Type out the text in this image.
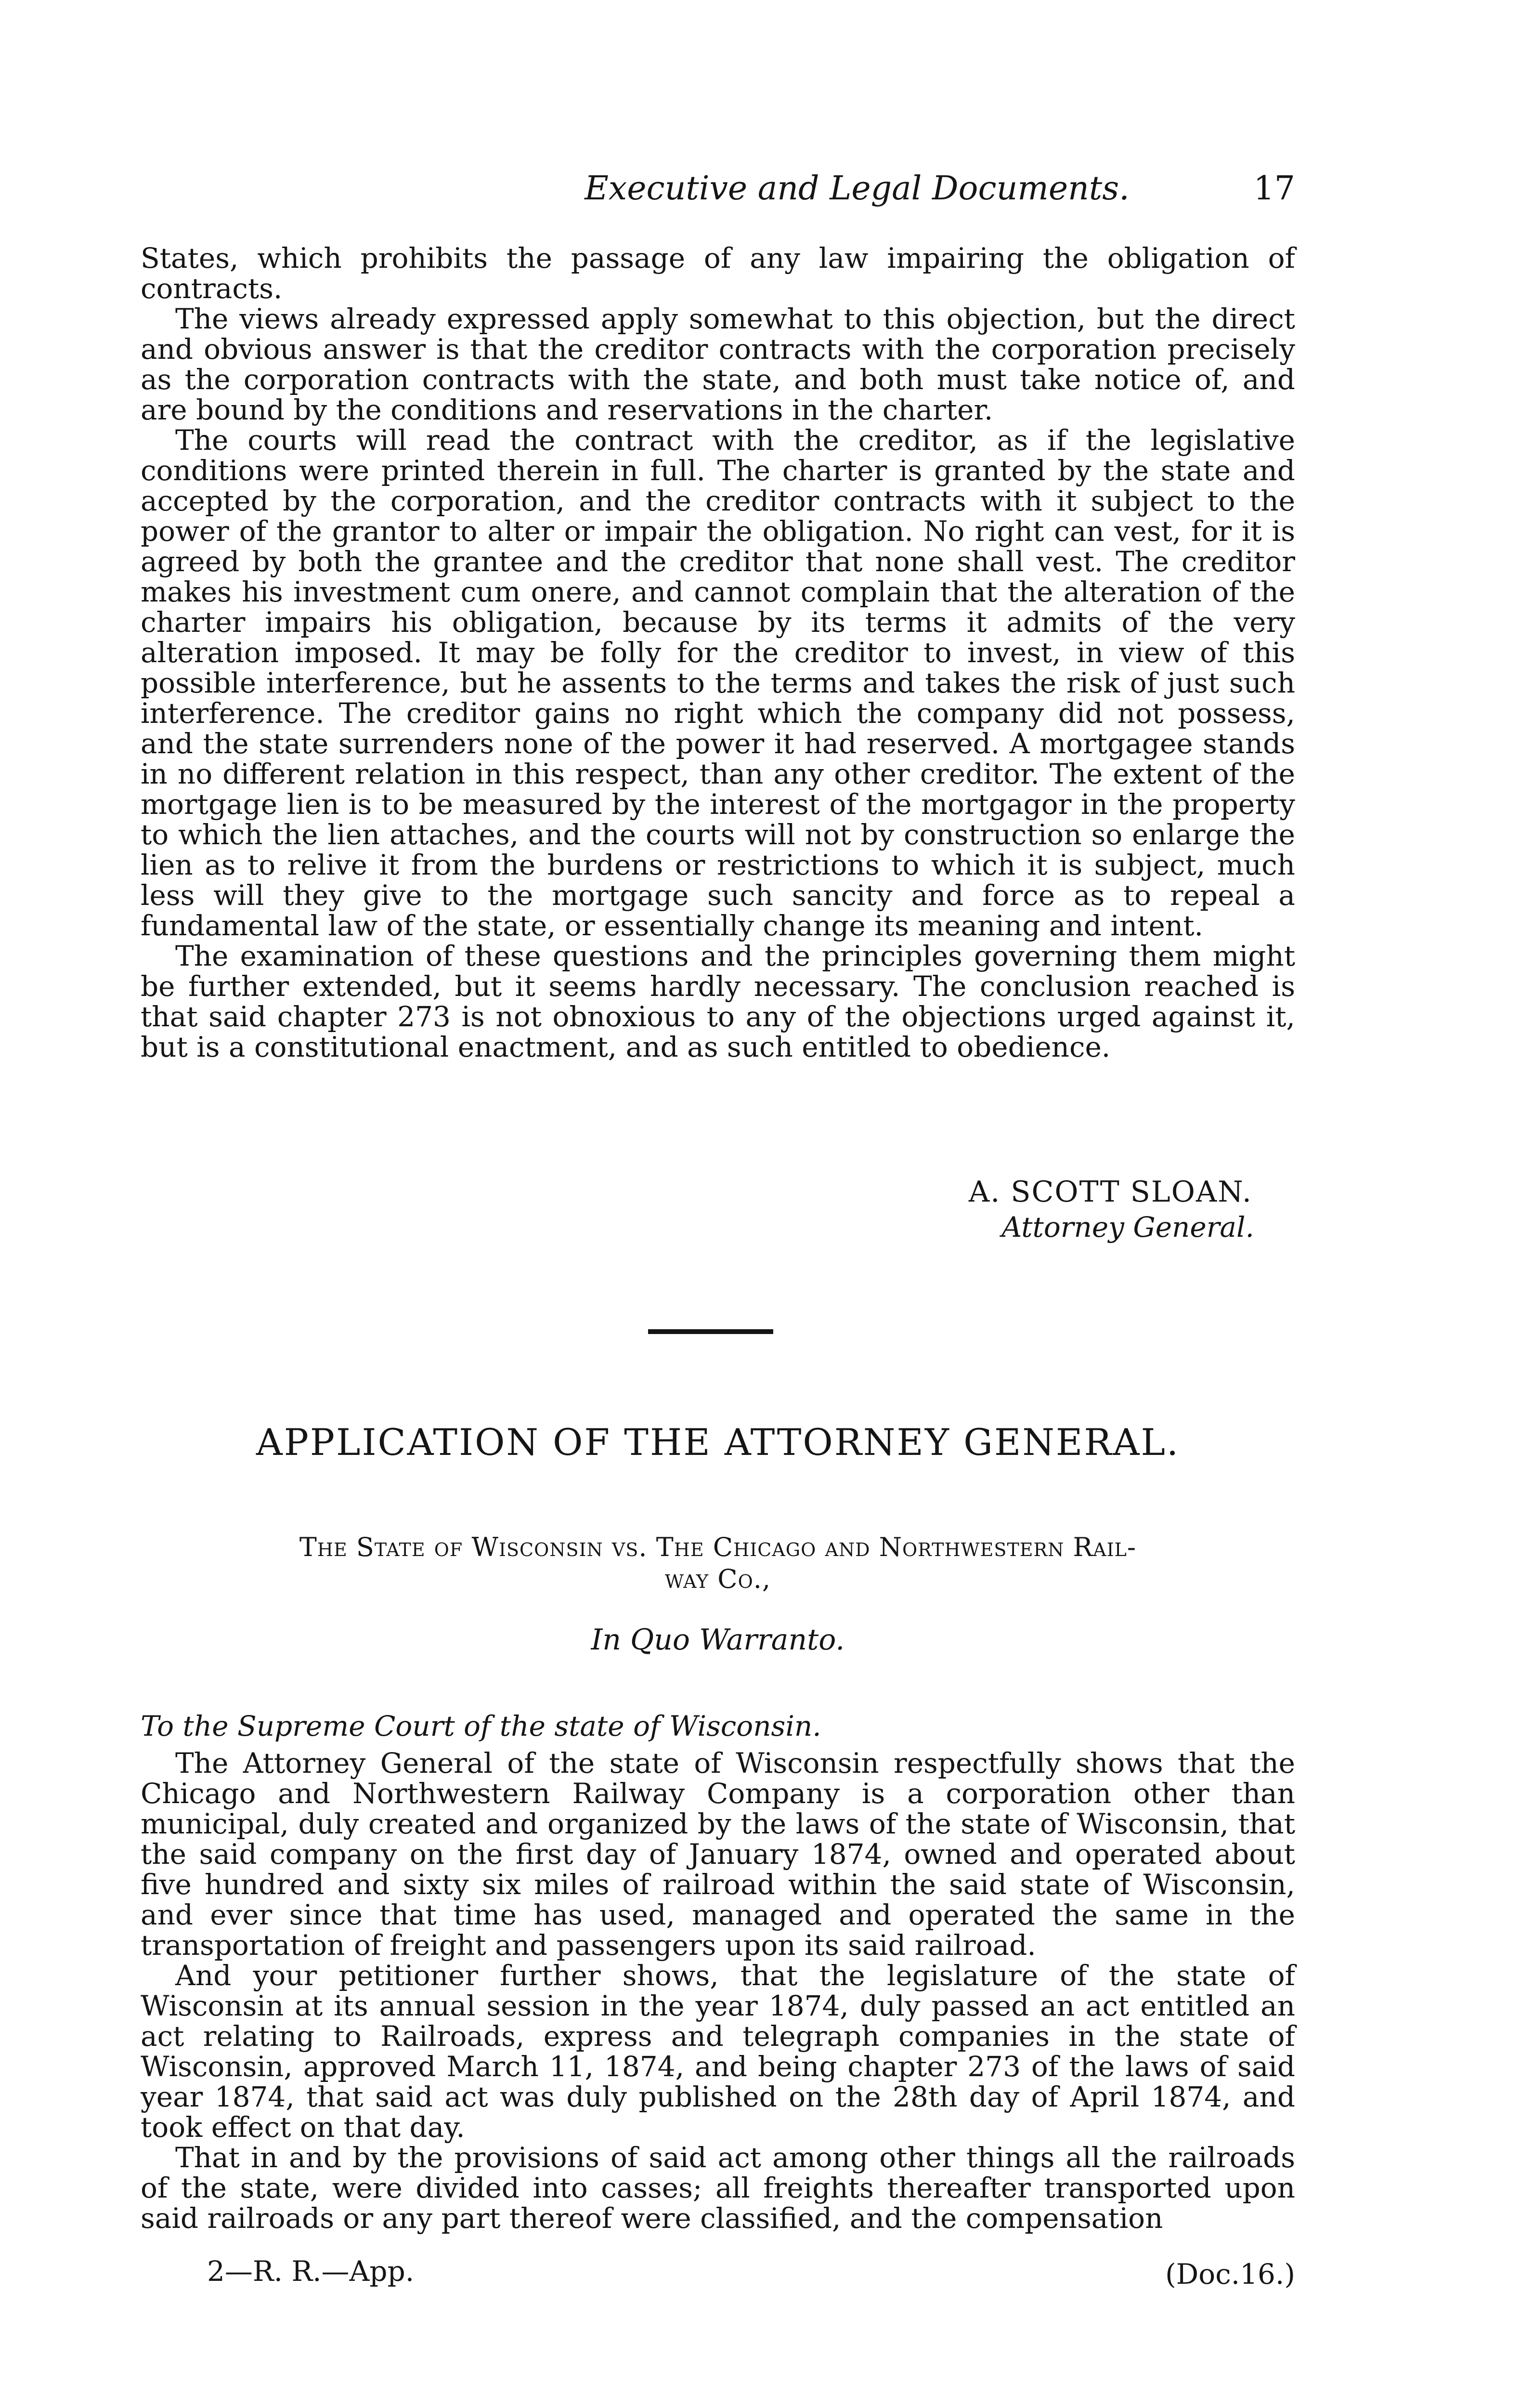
Executive and Legal Documents.	17

States, which prohibits the passage of any law impairing the obligation of contracts.

The views already expressed apply somewhat to this objection, but the direct and obvious answer is that the creditor contracts with the corporation precisely as the corporation contracts with the state, and both must take notice of, and are bound by the conditions and reservations in the charter.

The courts will read the contract with the creditor, as if the legislative conditions were printed therein in full. The charter is granted by the state and accepted by the corporation, and the creditor contracts with it subject to the power of the grantor to alter or impair the obligation. No right can vest, for it is agreed by both the grantee and the creditor that none shall vest. The creditor makes his investment cum onere, and cannot complain that the alteration of the charter impairs his obligation, because by its terms it admits of the very alteration imposed. It may be folly for the creditor to invest, in view of this possible interference, but he assents to the terms and takes the risk of just such interference. The creditor gains no right which the company did not possess, and the state surrenders none of the power it had reserved. A mortgagee stands in no different relation in this respect, than any other creditor. The extent of the mortgage lien is to be measured by the interest of the mortgagor in the property to which the lien attaches, and the courts will not by construction so enlarge the lien as to relive it from the burdens or restrictions to which it is subject, much less will they give to the mortgage such sancity and force as to repeal a fundamental law of the state, or essentially change its meaning and intent.

The examination of these questions and the principles governing them might be further extended, but it seems hardly necessary. The conclusion reached is that said chapter 273 is not obnoxious to any of the objections urged against it, but is a constitutional enactment, and as such entitled to obedience.

A. SCOTT SLOAN.
Attorney General.
APPLICATION OF THE ATTORNEY GENERAL.
The State of Wisconsin vs. The Chicago and Northwestern Rail-
way Co.,
In Quo Warranto.
To the Supreme Court of the state of Wisconsin.

The Attorney General of the state of Wisconsin respectfully shows that the Chicago and Northwestern Railway Company is a corporation other than municipal, duly created and organized by the laws of the state of Wisconsin, that the said company on the first day of January 1874, owned and operated about five hundred and sixty six miles of railroad within the said state of Wisconsin, and ever since that time has used, managed and operated the same in the transportation of freight and passengers upon its said railroad.

And your petitioner further shows, that the legislature of the state of Wisconsin at its annual session in the year 1874, duly passed an act entitled an act relating to Railroads, express and telegraph companies in the state of Wisconsin, approved March 11, 1874, and being chapter 273 of the laws of said year 1874, that said act was duly published on the 28th day of April 1874, and took effect on that day.

That in and by the provisions of said act among other things all the railroads of the state, were divided into casses; all freights thereafter transported upon said railroads or any part thereof were classified, and the compensation

2—R. R.—App.	(Doc.16.)
